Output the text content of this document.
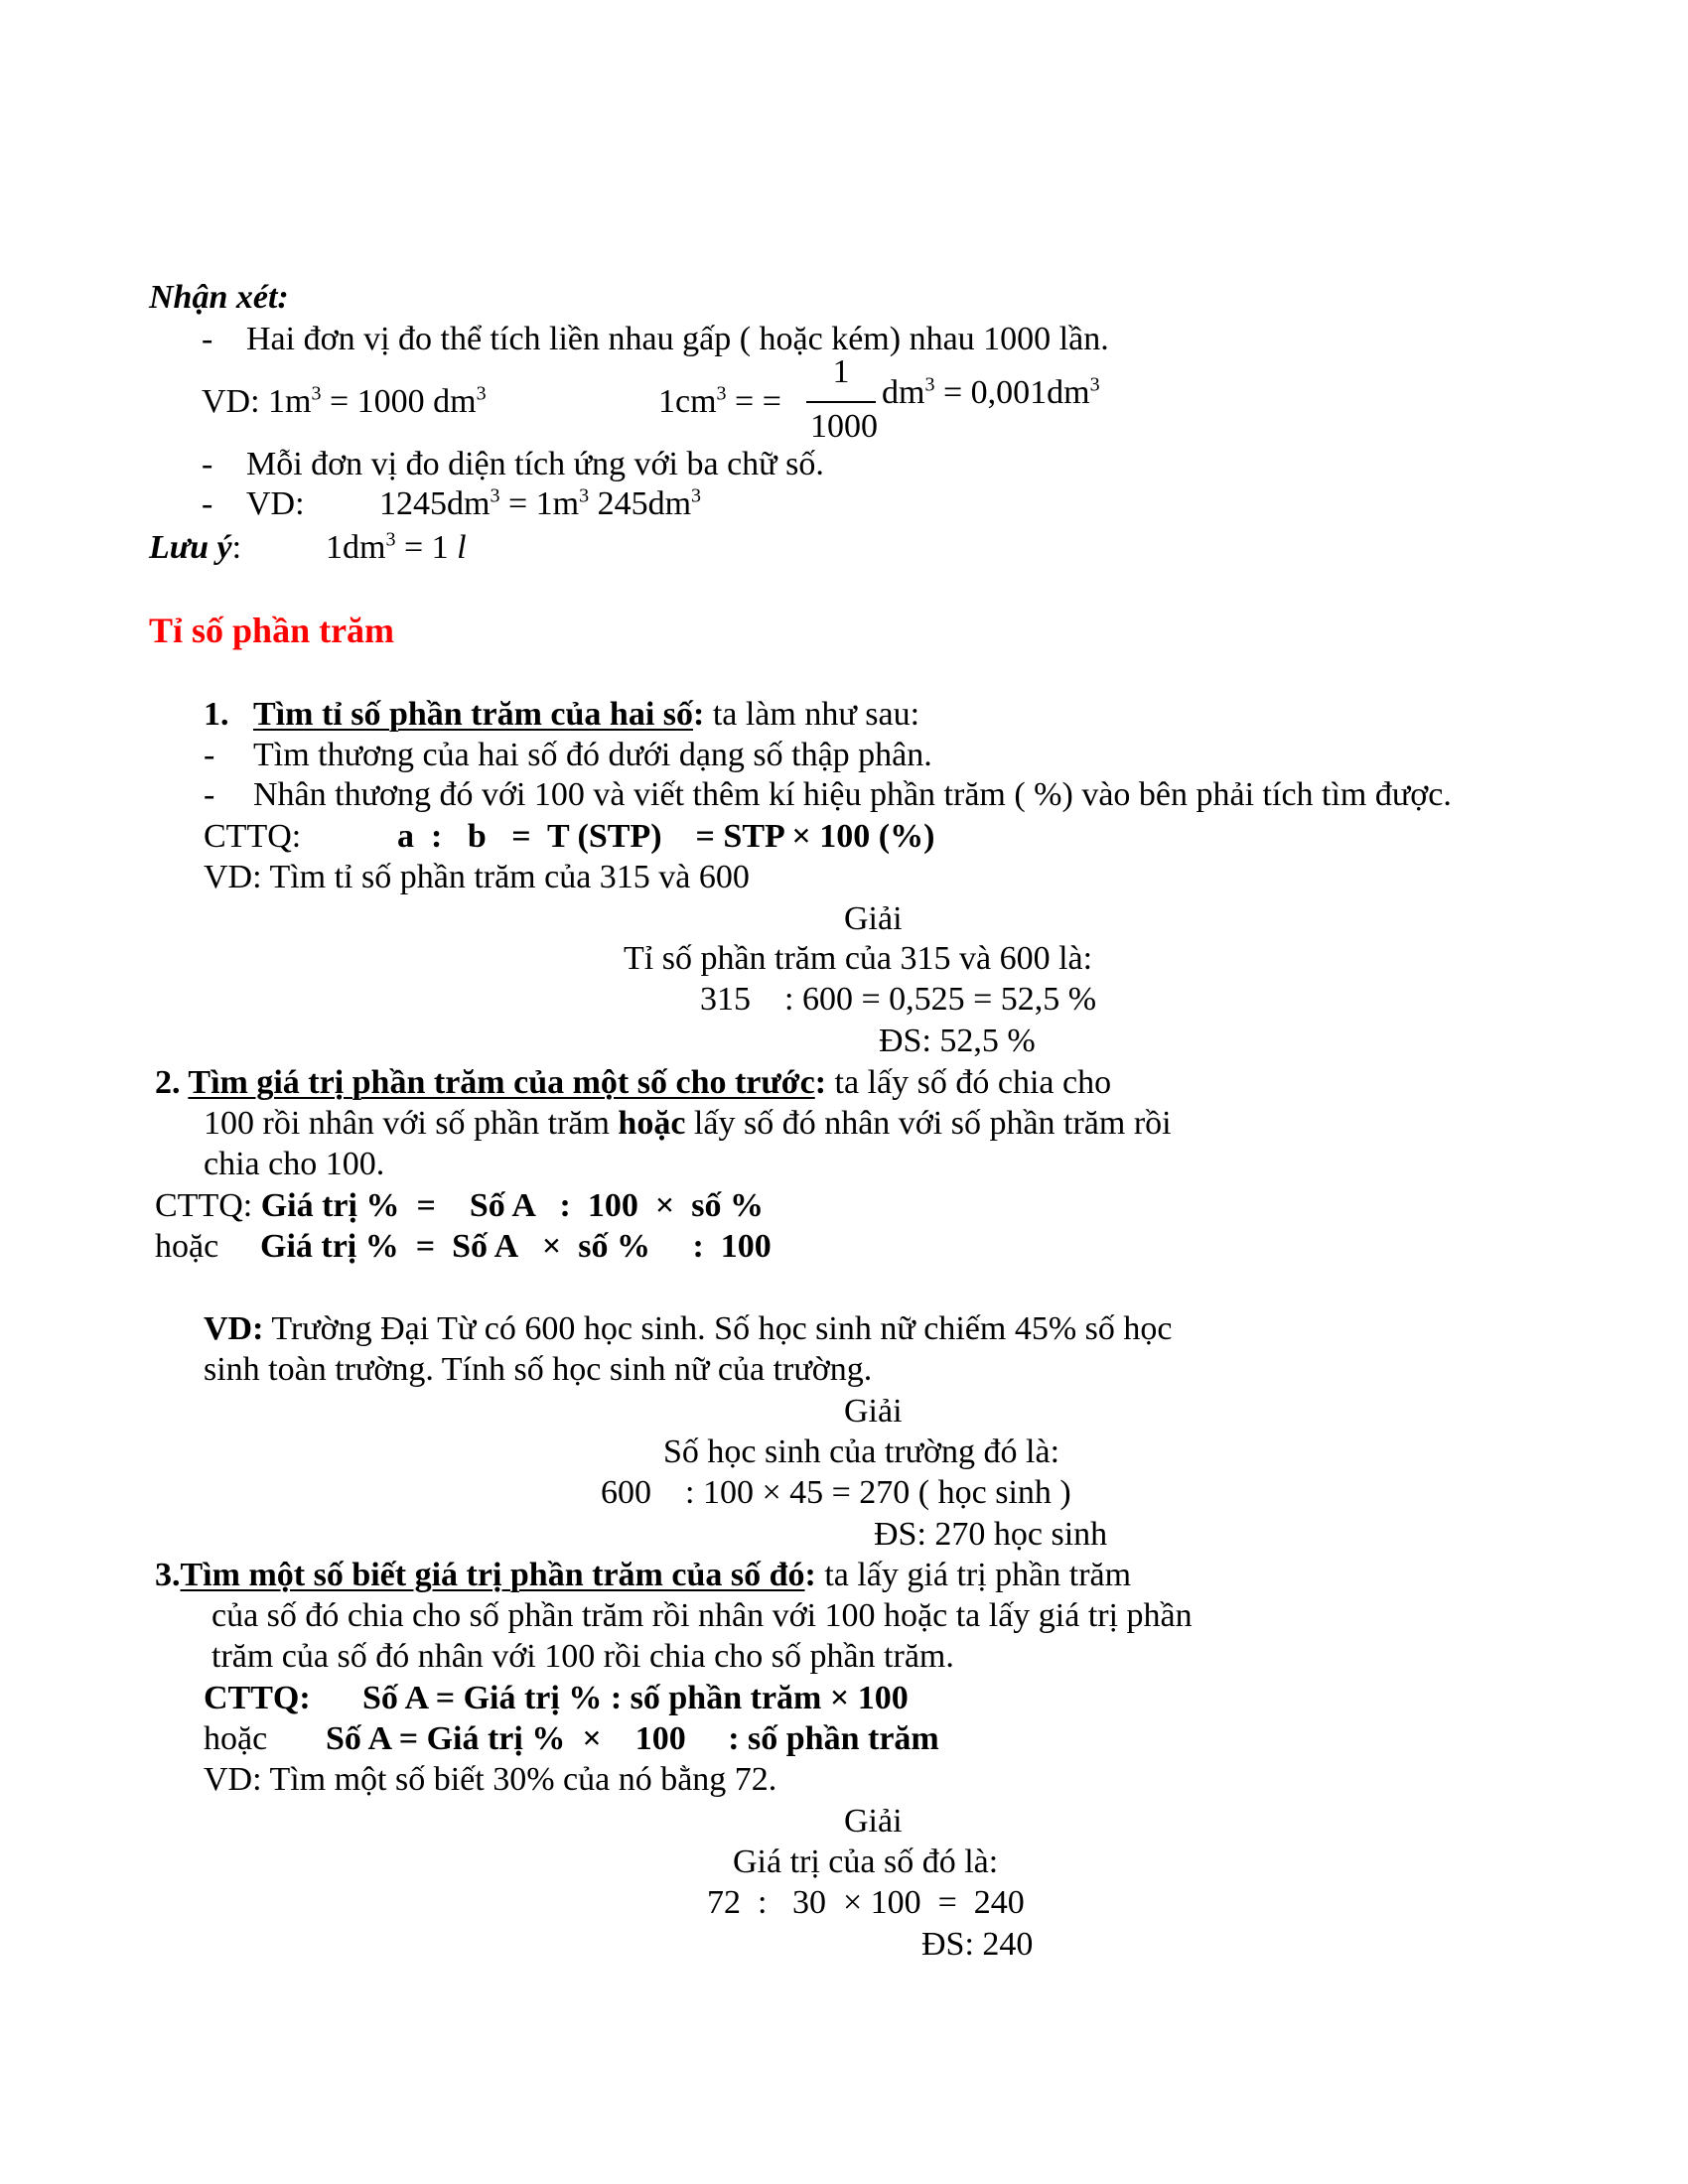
Nhận xét:
- Hai đơn vị đo thể tích liền nhau gấp ( hoặc kém) nhau 1000 lần.
VD: $1m^3 = 1000$ $dm^3$	$1cm^3$ = =
1
1000
$dm^3 = 0,001dm^3$
- Mỗi đơn vị đo diện tích ứng với ba chữ số.
- VD: $1245dm^3 = 1m^3$ $245dm^3$
Lưu ý: $1dm^3 = 1$ l
Tỉ số phần trăm
1. Tìm tỉ số phần trăm của hai số: ta làm như sau:
- Tìm thương của hai số đó dưới dạng số thập phân.
- Nhân thương đó với 100 và viết thêm kí hiệu phần trăm ( %) vào bên phải tích tìm được.
CTTQ:	a  :   b   =  T (STP)    = STP × 100 (%)
VD: Tìm tỉ số phần trăm của 315 và 600
Giải
Tỉ số phần trăm của 315 và 600 là:
315    : 600 = 0,525 = 52,5 %
ĐS: 52,5 %
2. Tìm giá trị phần trăm của một số cho trước: ta lấy số đó chia cho
100 rồi nhân với số phần trăm hoặc lấy số đó nhân với số phần trăm rồi
chia cho 100.
CTTQ: Giá trị %  =    Số A   :  100  ×  số %
hoặc Giá trị %  =  Số A   ×  số %     :  100
VD: Trường Đại Từ có 600 học sinh. Số học sinh nữ chiếm 45% số học
sinh toàn trường. Tính số học sinh nữ của trường.
Giải
Số học sinh của trường đó là:
600    : 100 × 45 = 270 ( học sinh )
ĐS: 270 học sinh
3.Tìm một số biết giá trị phần trăm của số đó: ta lấy giá trị phần trăm
của số đó chia cho số phần trăm rồi nhân với 100 hoặc ta lấy giá trị phần
trăm của số đó nhân với 100 rồi chia cho số phần trăm.
CTTQ: Số A = Giá trị % : số phần trăm × 100
hoặc Số A = Giá trị %  ×    100     : số phần trăm
VD: Tìm một số biết 30% của nó bằng 72.
Giải
Giá trị của số đó là:
72  :   30  × 100  =  240
ĐS: 240
